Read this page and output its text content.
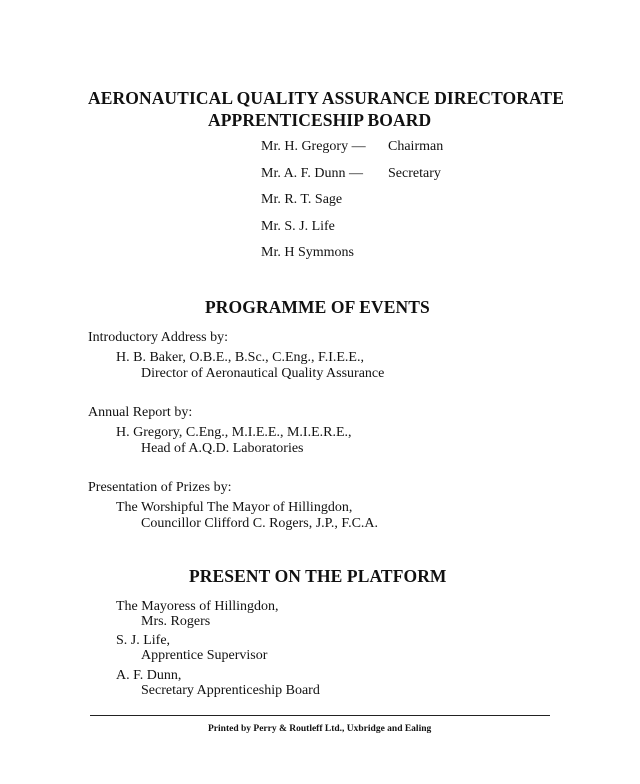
AERONAUTICAL QUALITY ASSURANCE DIRECTORATE
APPRENTICESHIP BOARD
Mr. H. Gregory — Chairman
Mr. A. F. Dunn — Secretary
Mr. R. T. Sage
Mr. S. J. Life
Mr. H Symmons
PROGRAMME OF EVENTS
Introductory Address by:
H. B. Baker, O.B.E., B.Sc., C.Eng., F.I.E.E.,
Director of Aeronautical Quality Assurance
Annual Report by:
H. Gregory, C.Eng., M.I.E.E., M.I.E.R.E.,
Head of A.Q.D. Laboratories
Presentation of Prizes by:
The Worshipful The Mayor of Hillingdon,
Councillor Clifford C. Rogers, J.P., F.C.A.
PRESENT ON THE PLATFORM
The Mayoress of Hillingdon,
Mrs. Rogers
S. J. Life,
Apprentice Supervisor
A. F. Dunn,
Secretary Apprenticeship Board
Printed by Perry & Routleff Ltd., Uxbridge and Ealing
